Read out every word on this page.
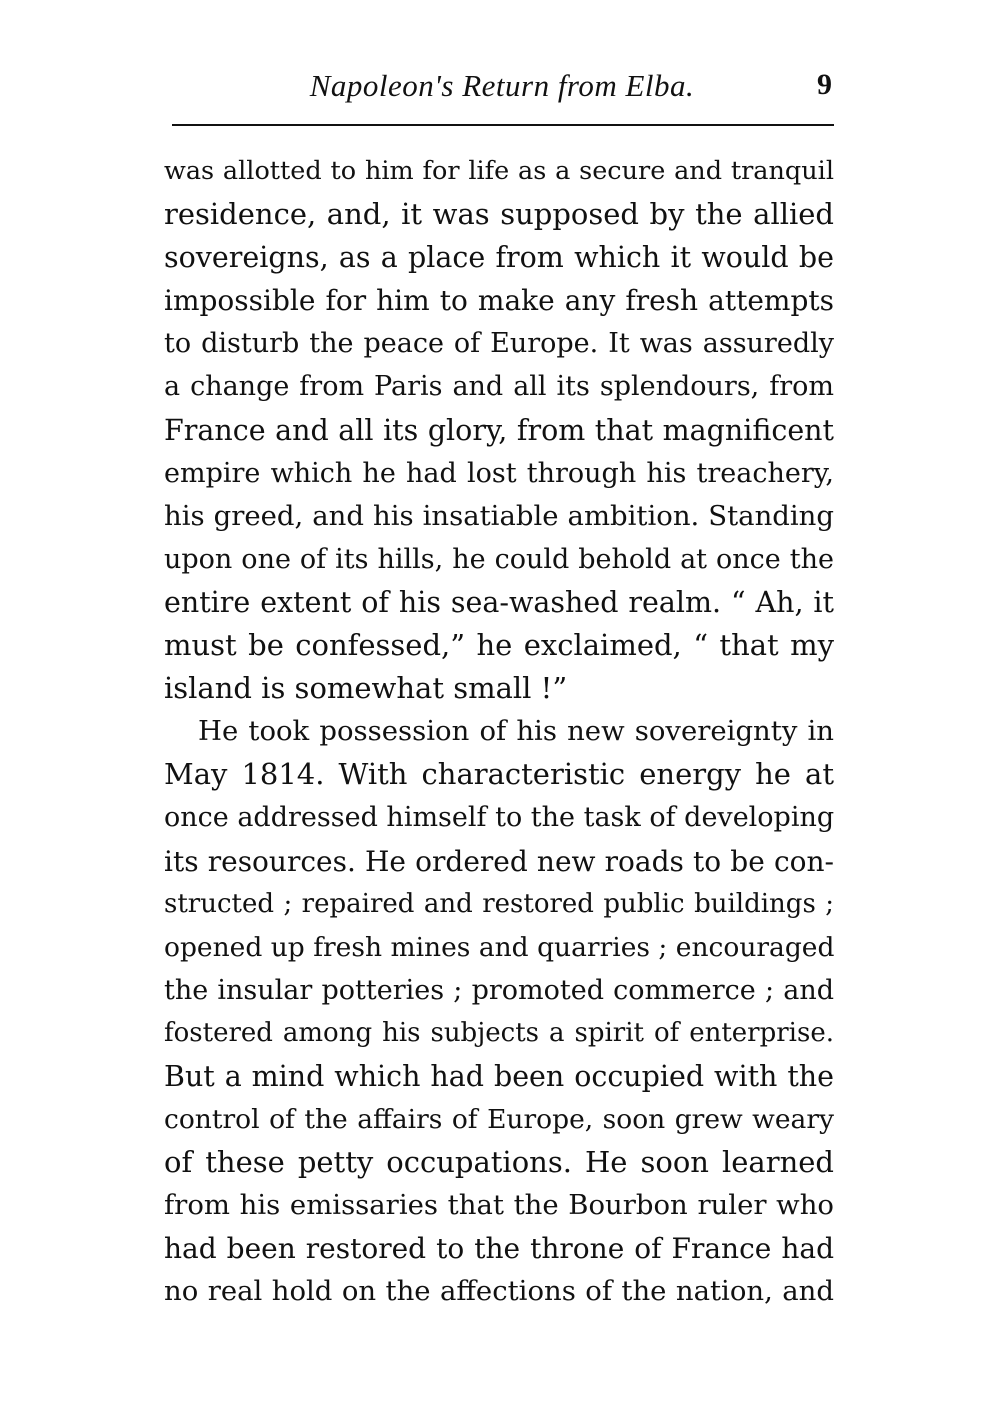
Napoleon's Return from Elba.	9
was allotted to him for life as a secure and tranquil
residence, and, it was supposed by the allied
sovereigns, as a place from which it would be
impossible for him to make any fresh attempts
to disturb the peace of Europe. It was assuredly
a change from Paris and all its splendours, from
France and all its glory, from that magnificent
empire which he had lost through his treachery,
his greed, and his insatiable ambition. Standing
upon one of its hills, he could behold at once the
entire extent of his sea-washed realm. “ Ah, it
must be confessed,” he exclaimed, “ that my
island is somewhat small !”
He took possession of his new sovereignty in
May 1814. With characteristic energy he at
once addressed himself to the task of developing
its resources. He ordered new roads to be con-
structed ; repaired and restored public buildings ;
opened up fresh mines and quarries ; encouraged
the insular potteries ; promoted commerce ; and
fostered among his subjects a spirit of enterprise.
But a mind which had been occupied with the
control of the affairs of Europe, soon grew weary
of these petty occupations. He soon learned
from his emissaries that the Bourbon ruler who
had been restored to the throne of France had
no real hold on the affections of the nation, and
